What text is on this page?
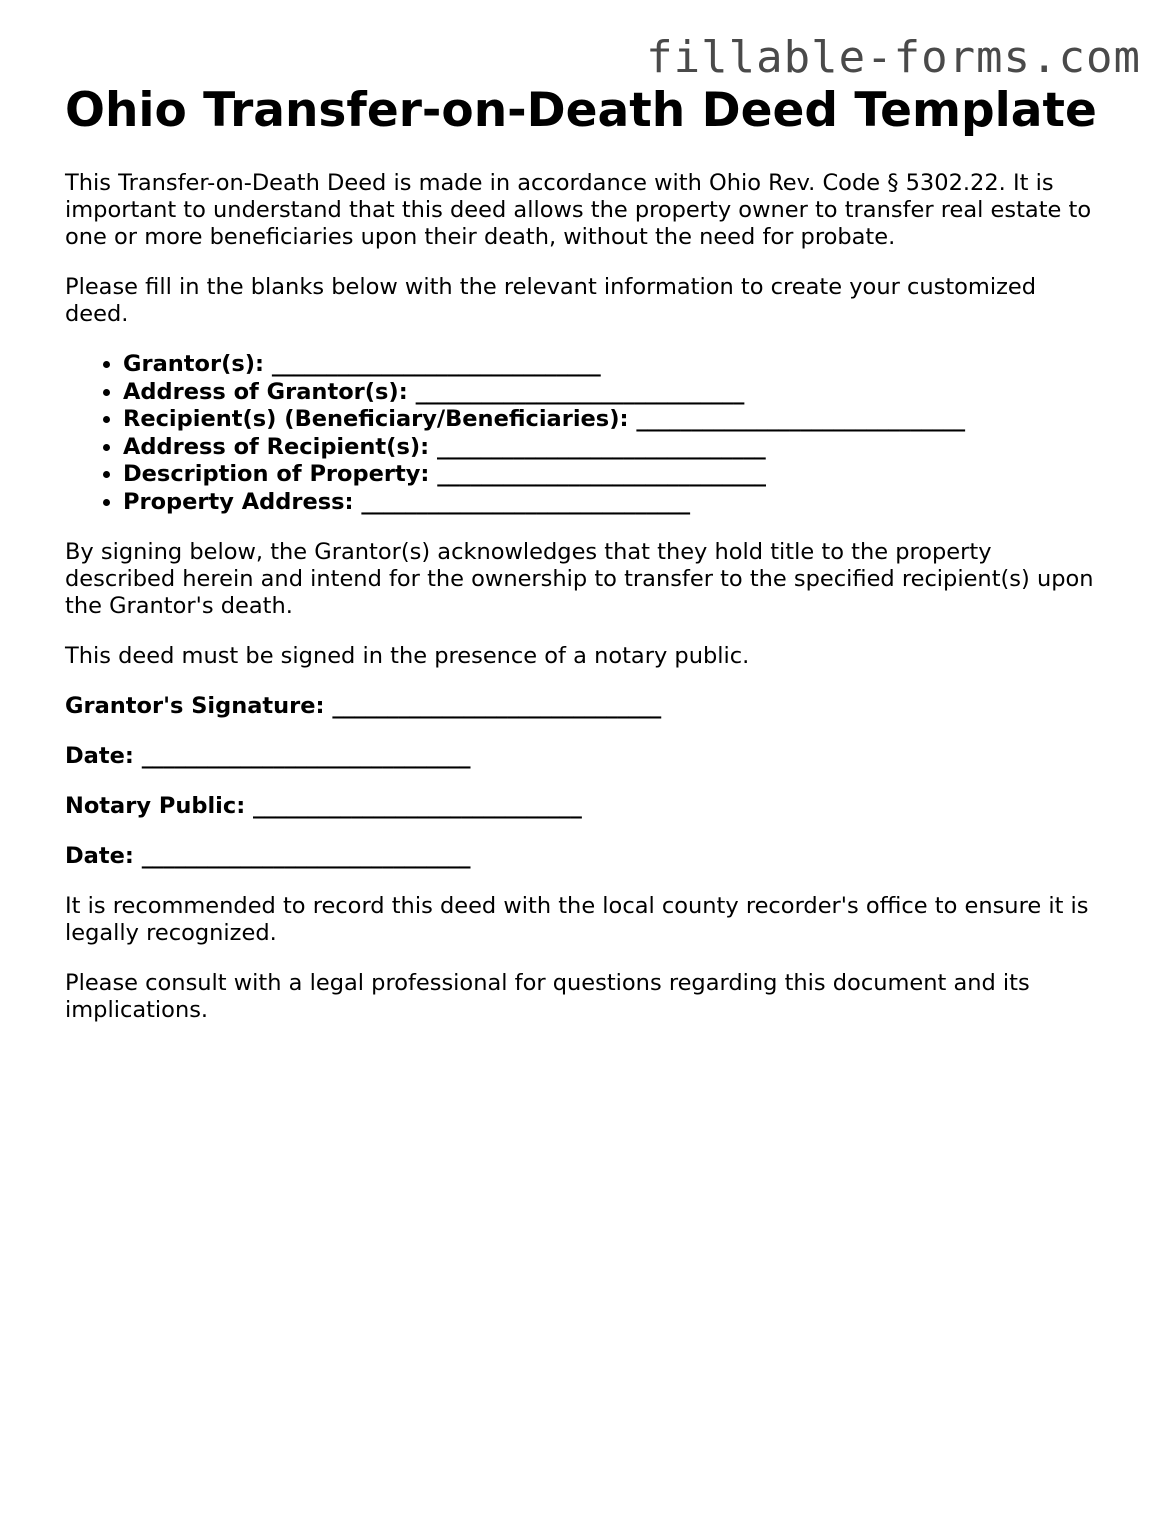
fillable-forms.com
Ohio Transfer-on-Death Deed Template

This Transfer-on-Death Deed is made in accordance with Ohio Rev. Code § 5302.22. It is important to understand that this deed allows the property owner to transfer real estate to one or more beneficiaries upon their death, without the need for probate.

Please fill in the blanks below with the relevant information to create your customized deed.

• Grantor(s): ______________________________
• Address of Grantor(s): ______________________________
• Recipient(s) (Beneficiary/Beneficiaries): ______________________________
• Address of Recipient(s): ______________________________
• Description of Property: ______________________________
• Property Address: ______________________________

By signing below, the Grantor(s) acknowledges that they hold title to the property described herein and intend for the ownership to transfer to the specified recipient(s) upon the Grantor's death.

This deed must be signed in the presence of a notary public.

Grantor's Signature: ______________________________

Date: ______________________________

Notary Public: ______________________________

Date: ______________________________

It is recommended to record this deed with the local county recorder's office to ensure it is legally recognized.

Please consult with a legal professional for questions regarding this document and its implications.
